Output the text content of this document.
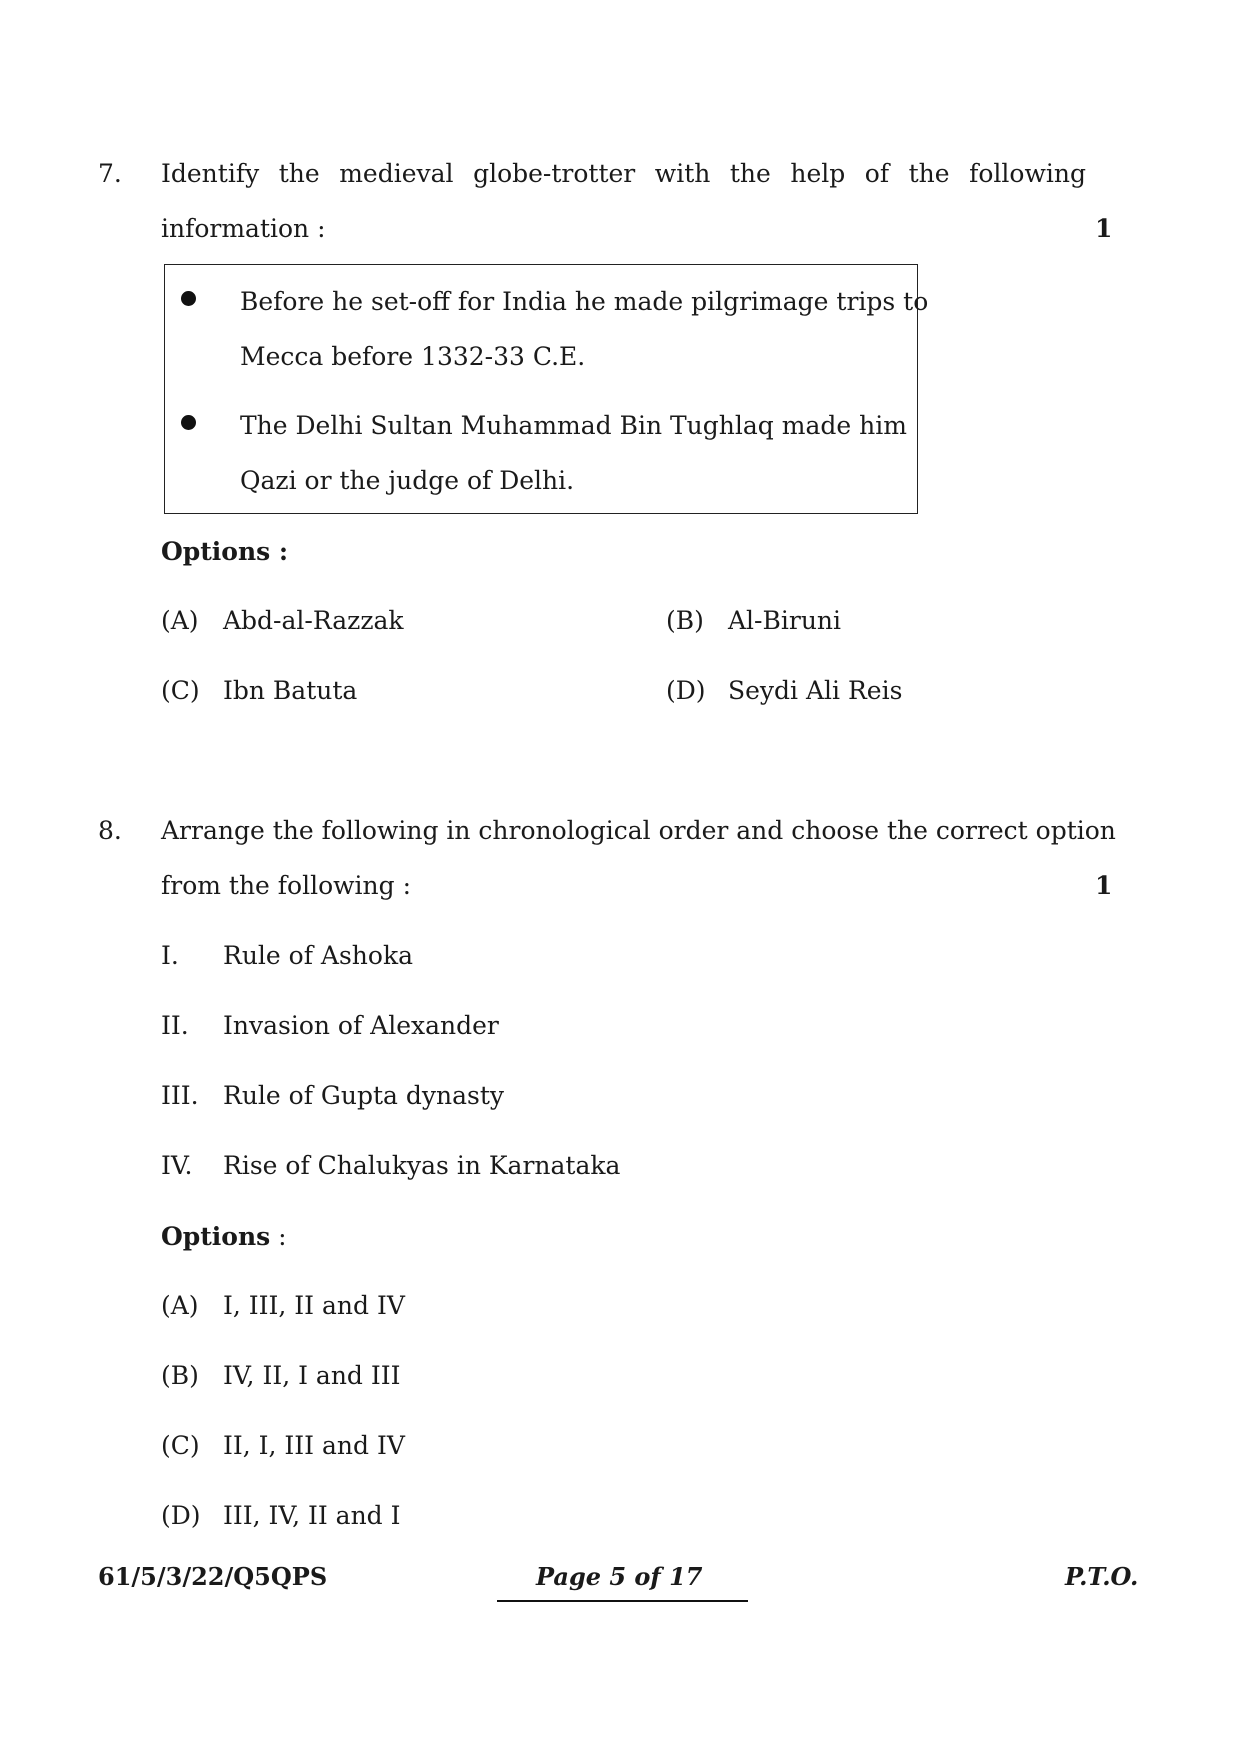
7. Identify the medieval globe-trotter with the help of the following
information :	1
Before he set-off for India he made pilgrimage trips to
Mecca before 1332-33 C.E.
The Delhi Sultan Muhammad Bin Tughlaq made him
Qazi or the judge of Delhi.
Options :
(A) Abd-al-Razzak	(B) Al-Biruni
(C) Ibn Batuta	(D) Seydi Ali Reis
8. Arrange the following in chronological order and choose the correct option
from the following :	1
I. Rule of Ashoka
II. Invasion of Alexander
III. Rule of Gupta dynasty
IV. Rise of Chalukyas in Karnataka
Options :
(A) I, III, II and IV
(B) IV, II, I and III
(C) II, I, III and IV
(D) III, IV, II and I
61/5/3/22/Q5QPS	Page 5 of 17	P.T.O.
